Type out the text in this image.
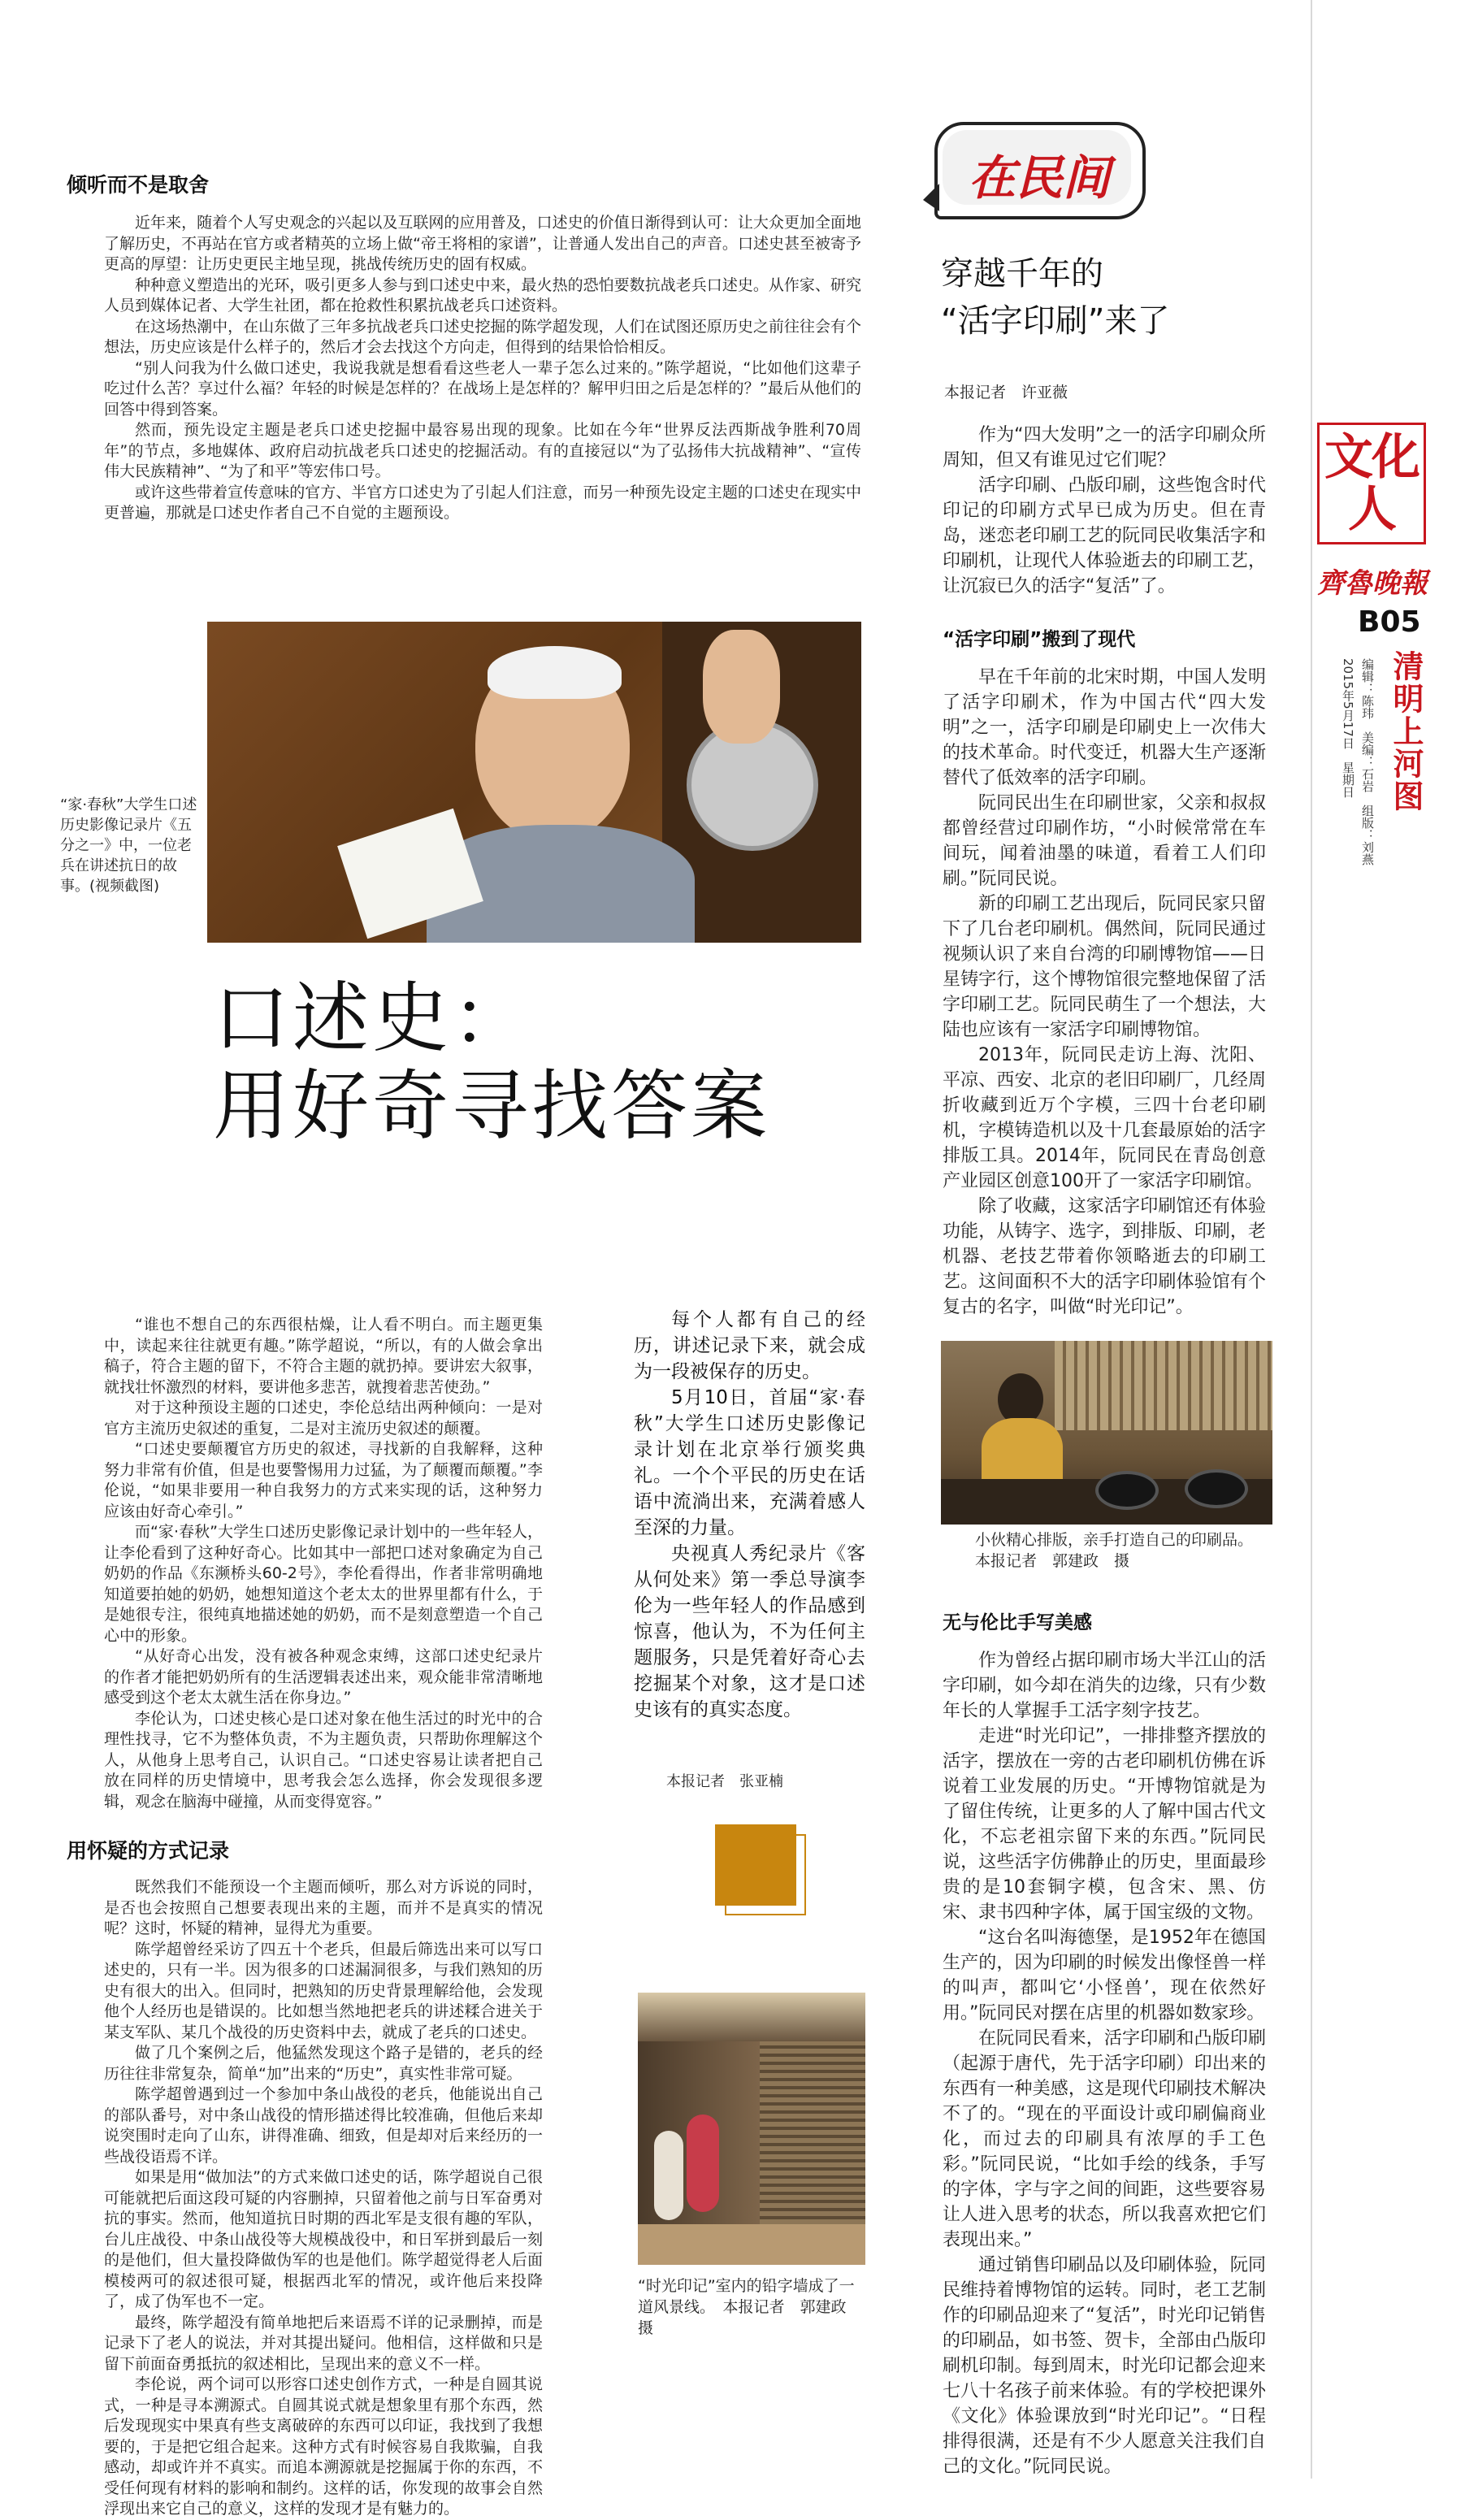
文化人
齊魯晚報
B05
清明上河图
编辑：陈玮　美编：石岩　组版：刘燕
2015年5月17日　星期日
倾听而不是取舍

近年来，随着个人写史观念的兴起以及互联网的应用普及，口述史的价值日渐得到认可：让大众更加全面地了解历史，不再站在官方或者精英的立场上做“帝王将相的家谱”，让普通人发出自己的声音。口述史甚至被寄予更高的厚望：让历史更民主地呈现，挑战传统历史的固有权威。

种种意义塑造出的光环，吸引更多人参与到口述史中来，最火热的恐怕要数抗战老兵口述史。从作家、研究人员到媒体记者、大学生社团，都在抢救性积累抗战老兵口述资料。

在这场热潮中，在山东做了三年多抗战老兵口述史挖掘的陈学超发现，人们在试图还原历史之前往往会有个想法，历史应该是什么样子的，然后才会去找这个方向走，但得到的结果恰恰相反。

“别人问我为什么做口述史，我说我就是想看看这些老人一辈子怎么过来的。”陈学超说，“比如他们这辈子吃过什么苦？享过什么福？年轻的时候是怎样的？在战场上是怎样的？解甲归田之后是怎样的？”最后从他们的回答中得到答案。

然而，预先设定主题是老兵口述史挖掘中最容易出现的现象。比如在今年“世界反法西斯战争胜利70周年”的节点，多地媒体、政府启动抗战老兵口述史的挖掘活动。有的直接冠以“为了弘扬伟大抗战精神”、“宣传伟大民族精神”、“为了和平”等宏伟口号。

或许这些带着宣传意味的官方、半官方口述史为了引起人们注意，而另一种预先设定主题的口述史在现实中更普遍，那就是口述史作者自己不自觉的主题预设。

“家·春秋”大学生口述历史影像记录片《五分之一》中，一位老兵在讲述抗日的故事。(视频截图)
口述史：
用好奇寻找答案

“谁也不想自己的东西很枯燥，让人看不明白。而主题更集中，读起来往往就更有趣。”陈学超说，“所以，有的人做会拿出稿子，符合主题的留下，不符合主题的就扔掉。要讲宏大叙事，就找壮怀激烈的材料，要讲他多悲苦，就搜着悲苦使劲。”

对于这种预设主题的口述史，李伦总结出两种倾向：一是对官方主流历史叙述的重复，二是对主流历史叙述的颠覆。

“口述史要颠覆官方历史的叙述，寻找新的自我解释，这种努力非常有价值，但是也要警惕用力过猛，为了颠覆而颠覆。”李伦说，“如果非要用一种自我努力的方式来实现的话，这种努力应该由好奇心牵引。”

而“家·春秋”大学生口述历史影像记录计划中的一些年轻人，让李伦看到了这种好奇心。比如其中一部把口述对象确定为自己奶奶的作品《东濒桥头60-2号》，李伦看得出，作者非常明确地知道要拍她的奶奶，她想知道这个老太太的世界里都有什么，于是她很专注，很纯真地描述她的奶奶，而不是刻意塑造一个自己心中的形象。

“从好奇心出发，没有被各种观念束缚，这部口述史纪录片的作者才能把奶奶所有的生活逻辑表述出来，观众能非常清晰地感受到这个老太太就生活在你身边。”

李伦认为，口述史核心是口述对象在他生活过的时光中的合理性找寻，它不为整体负责，不为主题负责，只帮助你理解这个人，从他身上思考自己，认识自己。“口述史容易让读者把自己放在同样的历史情境中，思考我会怎么选择，你会发现很多逻辑，观念在脑海中碰撞，从而变得宽容。”

用怀疑的方式记录

既然我们不能预设一个主题而倾听，那么对方诉说的同时，是否也会按照自己想要表现出来的主题，而并不是真实的情况呢？这时，怀疑的精神，显得尤为重要。

陈学超曾经采访了四五十个老兵，但最后筛选出来可以写口述史的，只有一半。因为很多的口述漏洞很多，与我们熟知的历史有很大的出入。但同时，把熟知的历史背景理解给他，会发现他个人经历也是错误的。比如想当然地把老兵的讲述糅合进关于某支军队、某几个战役的历史资料中去，就成了老兵的口述史。

做了几个案例之后，他猛然发现这个路子是错的，老兵的经历往往非常复杂，简单“加”出来的“历史”，真实性非常可疑。

陈学超曾遇到过一个参加中条山战役的老兵，他能说出自己的部队番号，对中条山战役的情形描述得比较准确，但他后来却说突围时走向了山东，讲得准确、细致，但是却对后来经历的一些战役语焉不详。

如果是用“做加法”的方式来做口述史的话，陈学超说自己很可能就把后面这段可疑的内容删掉，只留着他之前与日军奋勇对抗的事实。然而，他知道抗日时期的西北军是支很有趣的军队，台儿庄战役、中条山战役等大规模战役中，和日军拼到最后一刻的是他们，但大量投降做伪军的也是他们。陈学超觉得老人后面模棱两可的叙述很可疑，根据西北军的情况，或许他后来投降了，成了伪军也不一定。

最终，陈学超没有简单地把后来语焉不详的记录删掉，而是记录下了老人的说法，并对其提出疑问。他相信，这样做和只是留下前面奋勇抵抗的叙述相比，呈现出来的意义不一样。

李伦说，两个词可以形容口述史创作方式，一种是自圆其说式，一种是寻本溯源式。自圆其说式就是想象里有那个东西，然后发现现实中果真有些支离破碎的东西可以印证，我找到了我想要的，于是把它组合起来。这种方式有时候容易自我欺骗，自我感动，却或许并不真实。而追本溯源就是挖掘属于你的东西，不受任何现有材料的影响和制约。这样的话，你发现的故事会自然浮现出来它自己的意义，这样的发现才是有魅力的。

每个人都有自己的经历，讲述记录下来，就会成为一段被保存的历史。

5月10日，首届“家·春秋”大学生口述历史影像记录计划在北京举行颁奖典礼。一个个平民的历史在话语中流淌出来，充满着感人至深的力量。

央视真人秀纪录片《客从何处来》第一季总导演李伦为一些年轻人的作品感到惊喜，他认为，不为任何主题服务，只是凭着好奇心去挖掘某个对象，这才是口述史该有的真实态度。

本报记者　张亚楠
“时光印记”室内的铅字墙成了一道风景线。　本报记者　郭建政　摄
在民间
穿越千年的
“活字印刷”来了
本报记者　许亚薇

作为“四大发明”之一的活字印刷众所周知，但又有谁见过它们呢？

活字印刷、凸版印刷，这些饱含时代印记的印刷方式早已成为历史。但在青岛，迷恋老印刷工艺的阮同民收集活字和印刷机，让现代人体验逝去的印刷工艺，让沉寂已久的活字“复活”了。

“活字印刷”搬到了现代

早在千年前的北宋时期，中国人发明了活字印刷术，作为中国古代“四大发明”之一，活字印刷是印刷史上一次伟大的技术革命。时代变迁，机器大生产逐渐替代了低效率的活字印刷。

阮同民出生在印刷世家，父亲和叔叔都曾经营过印刷作坊，“小时候常常在车间玩，闻着油墨的味道，看着工人们印刷。”阮同民说。

新的印刷工艺出现后，阮同民家只留下了几台老印刷机。偶然间，阮同民通过视频认识了来自台湾的印刷博物馆——日星铸字行，这个博物馆很完整地保留了活字印刷工艺。阮同民萌生了一个想法，大陆也应该有一家活字印刷博物馆。

2013年，阮同民走访上海、沈阳、平凉、西安、北京的老旧印刷厂，几经周折收藏到近万个字模，三四十台老印刷机，字模铸造机以及十几套最原始的活字排版工具。2014年，阮同民在青岛创意产业园区创意100开了一家活字印刷馆。

除了收藏，这家活字印刷馆还有体验功能，从铸字、选字，到排版、印刷，老机器、老技艺带着你领略逝去的印刷工艺。这间面积不大的活字印刷体验馆有个复古的名字，叫做“时光印记”。

小伙精心排版，亲手打造自己的印刷品。　本报记者　郭建政　摄
无与伦比手写美感

作为曾经占据印刷市场大半江山的活字印刷，如今却在消失的边缘，只有少数年长的人掌握手工活字刻字技艺。

走进“时光印记”，一排排整齐摆放的活字，摆放在一旁的古老印刷机仿佛在诉说着工业发展的历史。“开博物馆就是为了留住传统，让更多的人了解中国古代文化，不忘老祖宗留下来的东西。”阮同民说，这些活字仿佛静止的历史，里面最珍贵的是10套铜字模，包含宋、黑、仿宋、隶书四种字体，属于国宝级的文物。

“这台名叫海德堡，是1952年在德国生产的，因为印刷的时候发出像怪兽一样的叫声，都叫它‘小怪兽’，现在依然好用。”阮同民对摆在店里的机器如数家珍。

在阮同民看来，活字印刷和凸版印刷（起源于唐代，先于活字印刷）印出来的东西有一种美感，这是现代印刷技术解决不了的。“现在的平面设计或印刷偏商业化，而过去的印刷具有浓厚的手工色彩。”阮同民说，“比如手绘的线条，手写的字体，字与字之间的间距，这些要容易让人进入思考的状态，所以我喜欢把它们表现出来。”

通过销售印刷品以及印刷体验，阮同民维持着博物馆的运转。同时，老工艺制作的印刷品迎来了“复活”，时光印记销售的印刷品，如书签、贺卡，全部由凸版印刷机印制。每到周末，时光印记都会迎来七八十名孩子前来体验。有的学校把课外《文化》体验课放到“时光印记”。“日程排得很满，还是有不少人愿意关注我们自己的文化。”阮同民说。
